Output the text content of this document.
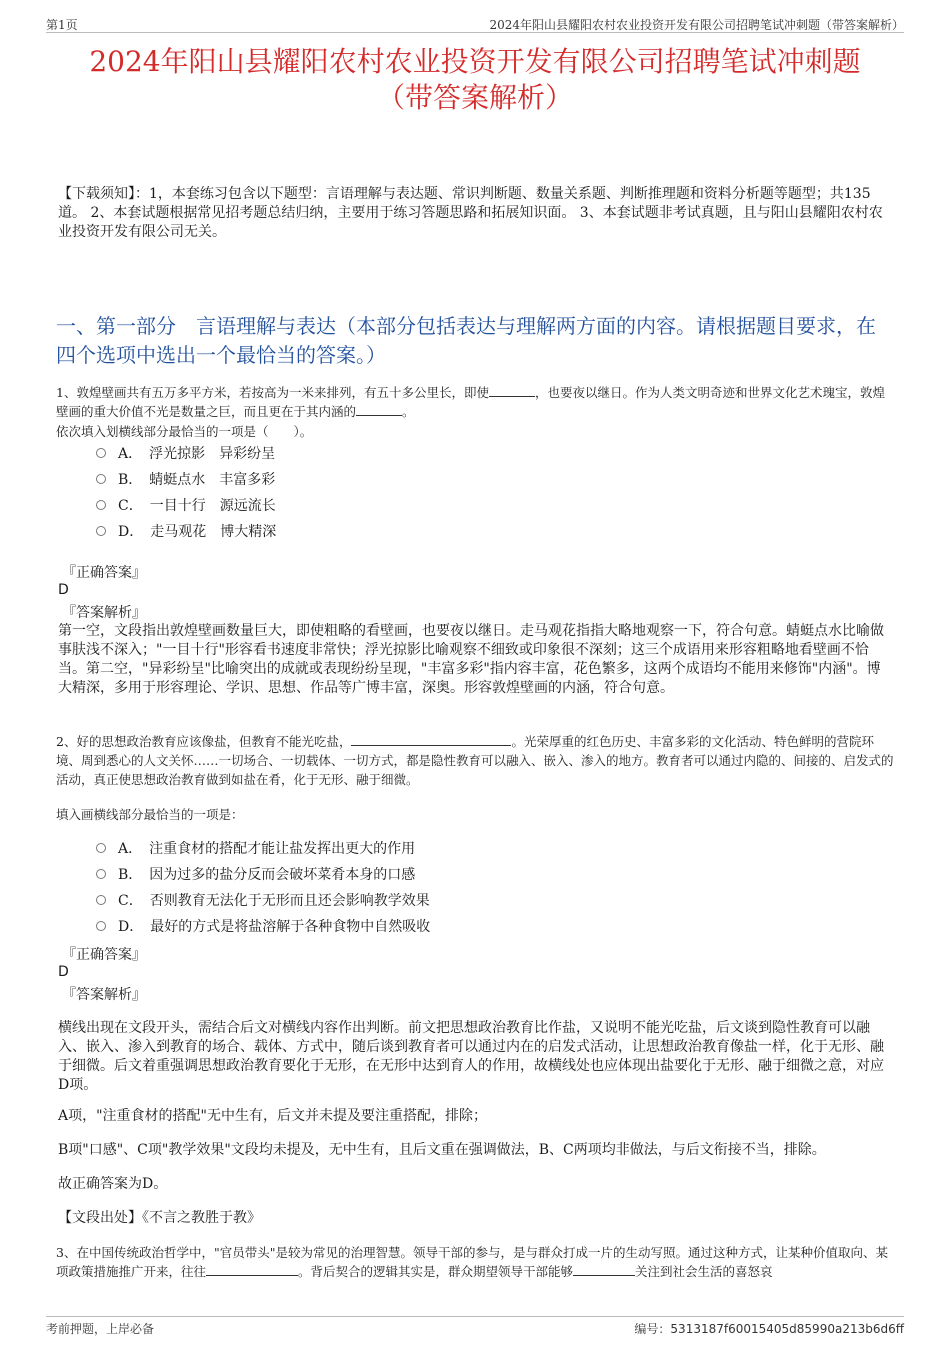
第1页	2024年阳山县耀阳农村农业投资开发有限公司招聘笔试冲刺题（带答案解析）
2024年阳山县耀阳农村农业投资开发有限公司招聘笔试冲刺题
（带答案解析）
【下载须知】：1，本套练习包含以下题型：言语理解与表达题、常识判断题、数量关系题、判断推理题和资料分析题等题型；共135道。 2、本套试题根据常见招考题总结归纳，主要用于练习答题思路和拓展知识面。 3、本套试题非考试真题，且与阳山县耀阳农村农业投资开发有限公司无关。
一、第一部分　言语理解与表达（本部分包括表达与理解两方面的内容。请根据题目要求，在四个选项中选出一个最恰当的答案。）
1、敦煌壁画共有五万多平方米，若按高为一米来排列，有五十多公里长，即使	，也要夜以继日。作为人类文明奇迹和世界文化艺术瑰宝，敦煌壁画的重大价值不光是数量之巨，而且更在于其内涵的	。
依次填入划横线部分最恰当的一项是（　　）。
A．　浮光掠影　异彩纷呈
B．　蜻蜓点水　丰富多彩
C．　一目十行　源远流长
D．　走马观花　博大精深
『正确答案』
D
『答案解析』
第一空，文段指出敦煌壁画数量巨大，即使粗略的看壁画，也要夜以继日。走马观花指指大略地观察一下，符合句意。蜻蜓点水比喻做事肤浅不深入；"一目十行"形容看书速度非常快；浮光掠影比喻观察不细致或印象很不深刻；这三个成语用来形容粗略地看壁画不恰当。第二空，"异彩纷呈"比喻突出的成就或表现纷纷呈现，"丰富多彩"指内容丰富，花色繁多，这两个成语均不能用来修饰"内涵"。博大精深，多用于形容理论、学识、思想、作品等广博丰富，深奥。形容敦煌壁画的内涵，符合句意。
2、好的思想政治教育应该像盐，但教育不能光吃盐，	。光荣厚重的红色历史、丰富多彩的文化活动、特色鲜明的营院环境、周到悉心的人文关怀……一切场合、一切载体、一切方式，都是隐性教育可以融入、嵌入、渗入的地方。教育者可以通过内隐的、间接的、启发式的活动，真正使思想政治教育做到如盐在肴，化于无形、融于细微。
填入画横线部分最恰当的一项是：
A．　注重食材的搭配才能让盐发挥出更大的作用
B．　因为过多的盐分反而会破坏菜肴本身的口感
C．　否则教育无法化于无形而且还会影响教学效果
D．　最好的方式是将盐溶解于各种食物中自然吸收
『正确答案』
D
『答案解析』
横线出现在文段开头，需结合后文对横线内容作出判断。前文把思想政治教育比作盐，又说明不能光吃盐，后文谈到隐性教育可以融入、嵌入、渗入到教育的场合、载体、方式中，随后谈到教育者可以通过内在的启发式活动，让思想政治教育像盐一样，化于无形、融于细微。后文着重强调思想政治教育要化于无形，在无形中达到育人的作用，故横线处也应体现出盐要化于无形、融于细微之意，对应D项。
A项，"注重食材的搭配"无中生有，后文并未提及要注重搭配，排除；
B项"口感"、C项"教学效果"文段均未提及，无中生有，且后文重在强调做法，B、C两项均非做法，与后文衔接不当，排除。
故正确答案为D。
【文段出处】《不言之教胜于教》
3、在中国传统政治哲学中，"官员带头"是较为常见的治理智慧。领导干部的参与，是与群众打成一片的生动写照。通过这种方式，让某种价值取向、某项政策措施推广开来，往往	。背后契合的逻辑其实是，群众期望领导干部能够	关注到社会生活的喜怒哀
考前押题，上岸必备	编号：5313187f60015405d85990a213b6d6ff
